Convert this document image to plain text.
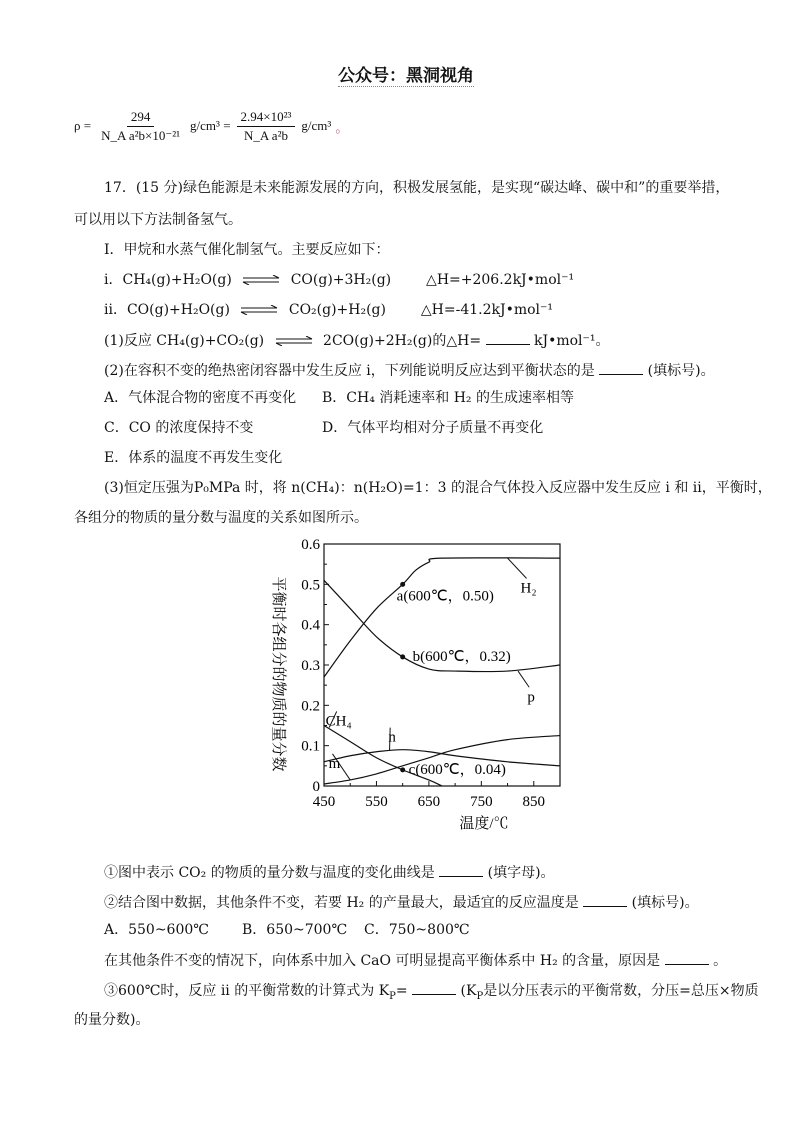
公众号：黑洞视角
$\rho = \frac{294}{\text{N\_A a²b×10⁻²¹}} g/cm^3 = \frac{\text{2.94×10²³}}{\text{N\_A a²b}} g/cm^3$ 。
17．(15 分)绿色能源是未来能源发展的方向，积极发展氢能，是实现“碳达峰、碳中和”的重要举措，
可以用以下方法制备氢气。
I．甲烷和水蒸气催化制氢气。主要反应如下：
i．CH₄(g)+H₂O(g) ⇌ CO(g)+3H₂(g) △H=+206.2kJ•mol⁻¹
ii．CO(g)+H₂O(g) ⇌ CO₂(g)+H₂(g) △H=-41.2kJ•mol⁻¹
(1)反应 CH₄(g)+CO₂(g) ⇌ 2CO(g)+2H₂(g)的△H=	kJ•mol⁻¹。
(2)在容积不变的绝热密闭容器中发生反应 i，下列能说明反应达到平衡状态的是	(填标号)。
A．气体混合物的密度不再变化 B．CH₄ 消耗速率和 H₂ 的生成速率相等
C．CO 的浓度保持不变	D．气体平均相对分子质量不再变化
E．体系的温度不再发生变化
(3)恒定压强为P₀MPa 时，将 n(CH₄)：n(H₂O)=1：3 的混合气体投入反应器中发生反应 i 和 ii，平衡时，
各组分的物质的量分数与温度的关系如图所示。
平衡时各组分的物质的量分数
温度/℃
0
0.1
0.2
0.3
0.4
0.5
0.6
450 550 650 750 850
H₂
p
CH₄
n
m
a(600℃，0.50)
b(600℃，0.32)
c(600℃，0.04)
①图中表示 CO₂ 的物质的量分数与温度的变化曲线是	(填字母)。
②结合图中数据，其他条件不变，若要 H₂ 的产量最大，最适宜的反应温度是	(填标号)。
A．550~600℃ B．650~700℃ C．750~800℃
在其他条件不变的情况下，向体系中加入 CaO 可明显提高平衡体系中 H₂ 的含量，原因是	。
③600℃时，反应 ii 的平衡常数的计算式为 $K_P=$	($K_P$是以分压表示的平衡常数，分压=总压×物质
的量分数)。
